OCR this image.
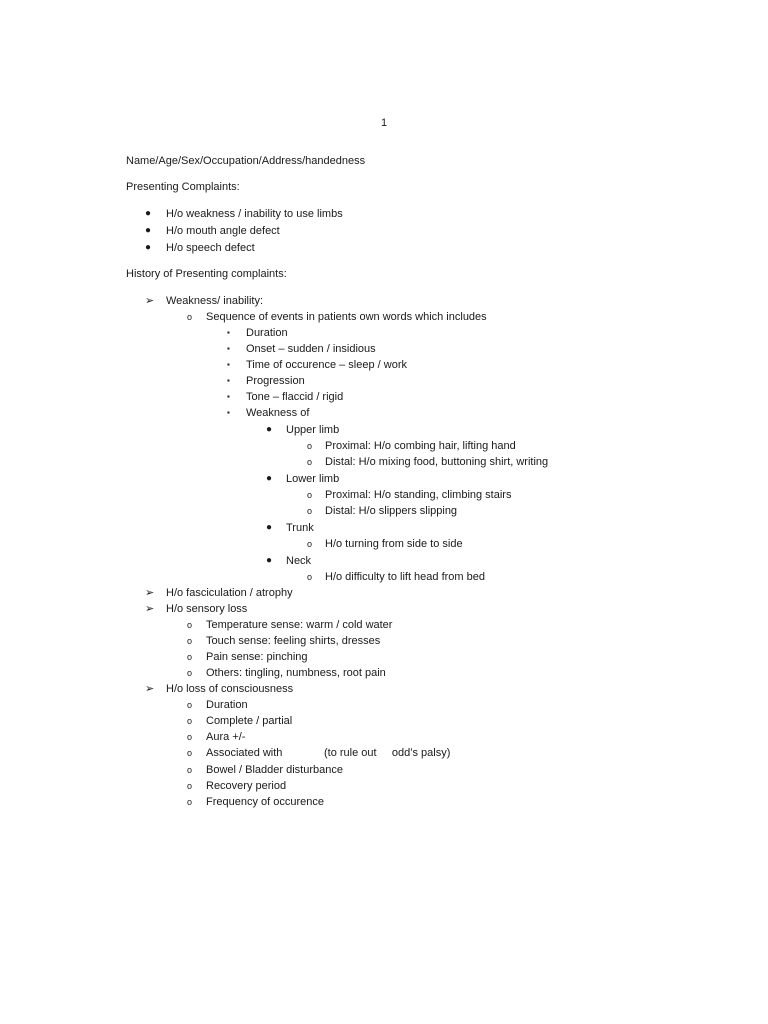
1
Name/Age/Sex/Occupation/Address/handedness
Presenting Complaints:
● H/o weakness / inability to use limbs
● H/o mouth angle defect
● H/o speech defect
History of Presenting complaints:
➢ Weakness/ inability:
o Sequence of events in patients own words which includes
▪ Duration
▪ Onset – sudden / insidious
▪ Time of occurence – sleep / work
▪ Progression
▪ Tone – flaccid / rigid
▪ Weakness of
● Upper limb
o Proximal: H/o combing hair, lifting hand
o Distal: H/o mixing food, buttoning shirt, writing
● Lower limb
o Proximal: H/o standing, climbing stairs
o Distal: H/o slippers slipping
● Trunk
o H/o turning from side to side
● Neck
o H/o difficulty to lift head from bed
➢ H/o fasciculation / atrophy
➢ H/o sensory loss
o Temperature sense: warm / cold water
o Touch sense: feeling shirts, dresses
o Pain sense: pinching
o Others: tingling, numbness, root pain
➢ H/o loss of consciousness
o Duration
o Complete / partial
o Aura +/-
o Associated with	(to rule out     odd’s palsy)
o Bowel / Bladder disturbance
o Recovery period
o Frequency of occurence
